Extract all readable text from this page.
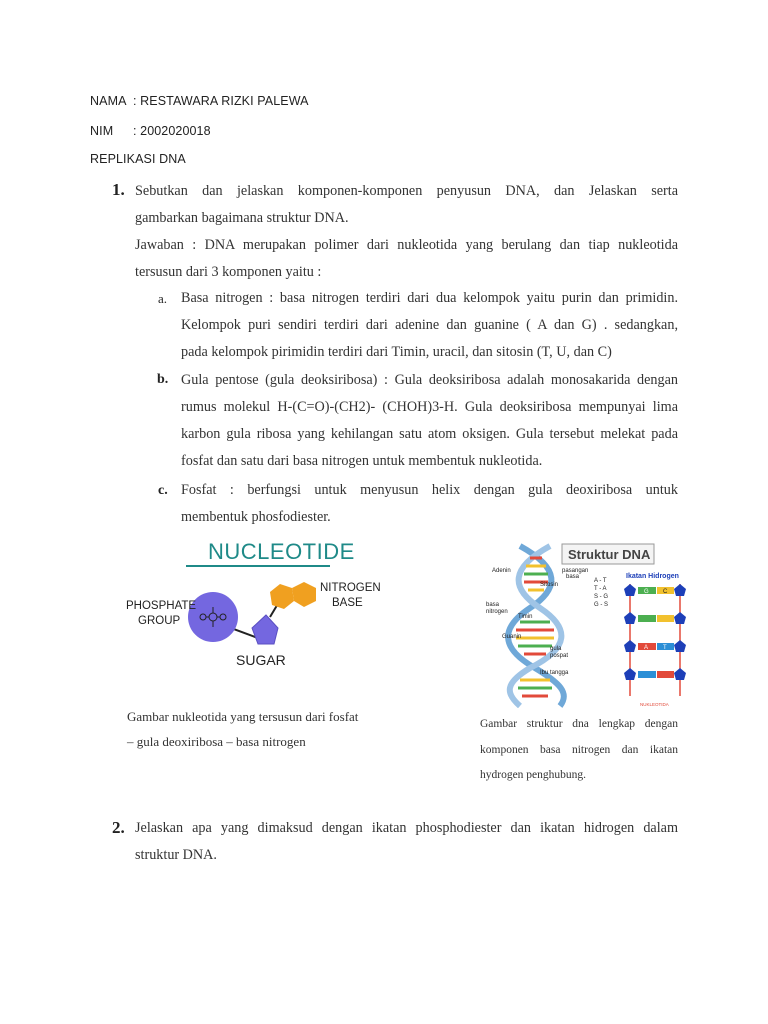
NAMA : RESTAWARA RIZKI PALEWA
NIM : 2002020018
REPLIKASI DNA
1. Sebutkan dan jelaskan komponen-komponen penyusun DNA, dan Jelaskan serta
gambarkan bagaimana struktur DNA.
Jawaban : DNA merupakan polimer dari nukleotida yang berulang dan tiap nukleotida
tersusun dari 3 komponen yaitu :
a. Basa nitrogen : basa nitrogen terdiri dari dua kelompok yaitu purin dan primidin.
Kelompok puri sendiri terdiri dari adenine dan guanine ( A dan G) . sedangkan,
pada kelompok pirimidin terdiri dari Timin, uracil, dan sitosin (T, U, dan C)
b. Gula pentose (gula deoksiribosa) : Gula deoksiribosa adalah monosakarida dengan
rumus molekul H-(C=O)-(CH2)- (CHOH)3-H. Gula deoksiribosa mempunyai lima
karbon gula ribosa yang kehilangan satu atom oksigen. Gula tersebut melekat pada
fosfat dan satu dari basa nitrogen untuk membentuk nukleotida.
c. Fosfat : berfungsi untuk menyusun helix dengan gula deoxiribosa untuk
membentuk phosfodiester.
NUCLEOTIDE
PHOSPHATE
GROUP
NITROGEN
BASE
SUGAR
Gambar nukleotida yang tersusun dari fosfat
– gula deoxiribosa – basa nitrogen
Struktur DNA
Adenin
Sitosin
basa
nitrogen
Timin
Guanin
gula
pospat
Ibu tangga
pasangan
basa
A - T
T - A
S - G
G - S
Ikatan Hidrogen
G C
A T
NUKLEOTIDA
Gambar struktur dna lengkap dengan
komponen basa nitrogen dan ikatan
hydrogen penghubung.
2. Jelaskan apa yang dimaksud dengan ikatan phosphodiester dan ikatan hidrogen dalam
struktur DNA.
